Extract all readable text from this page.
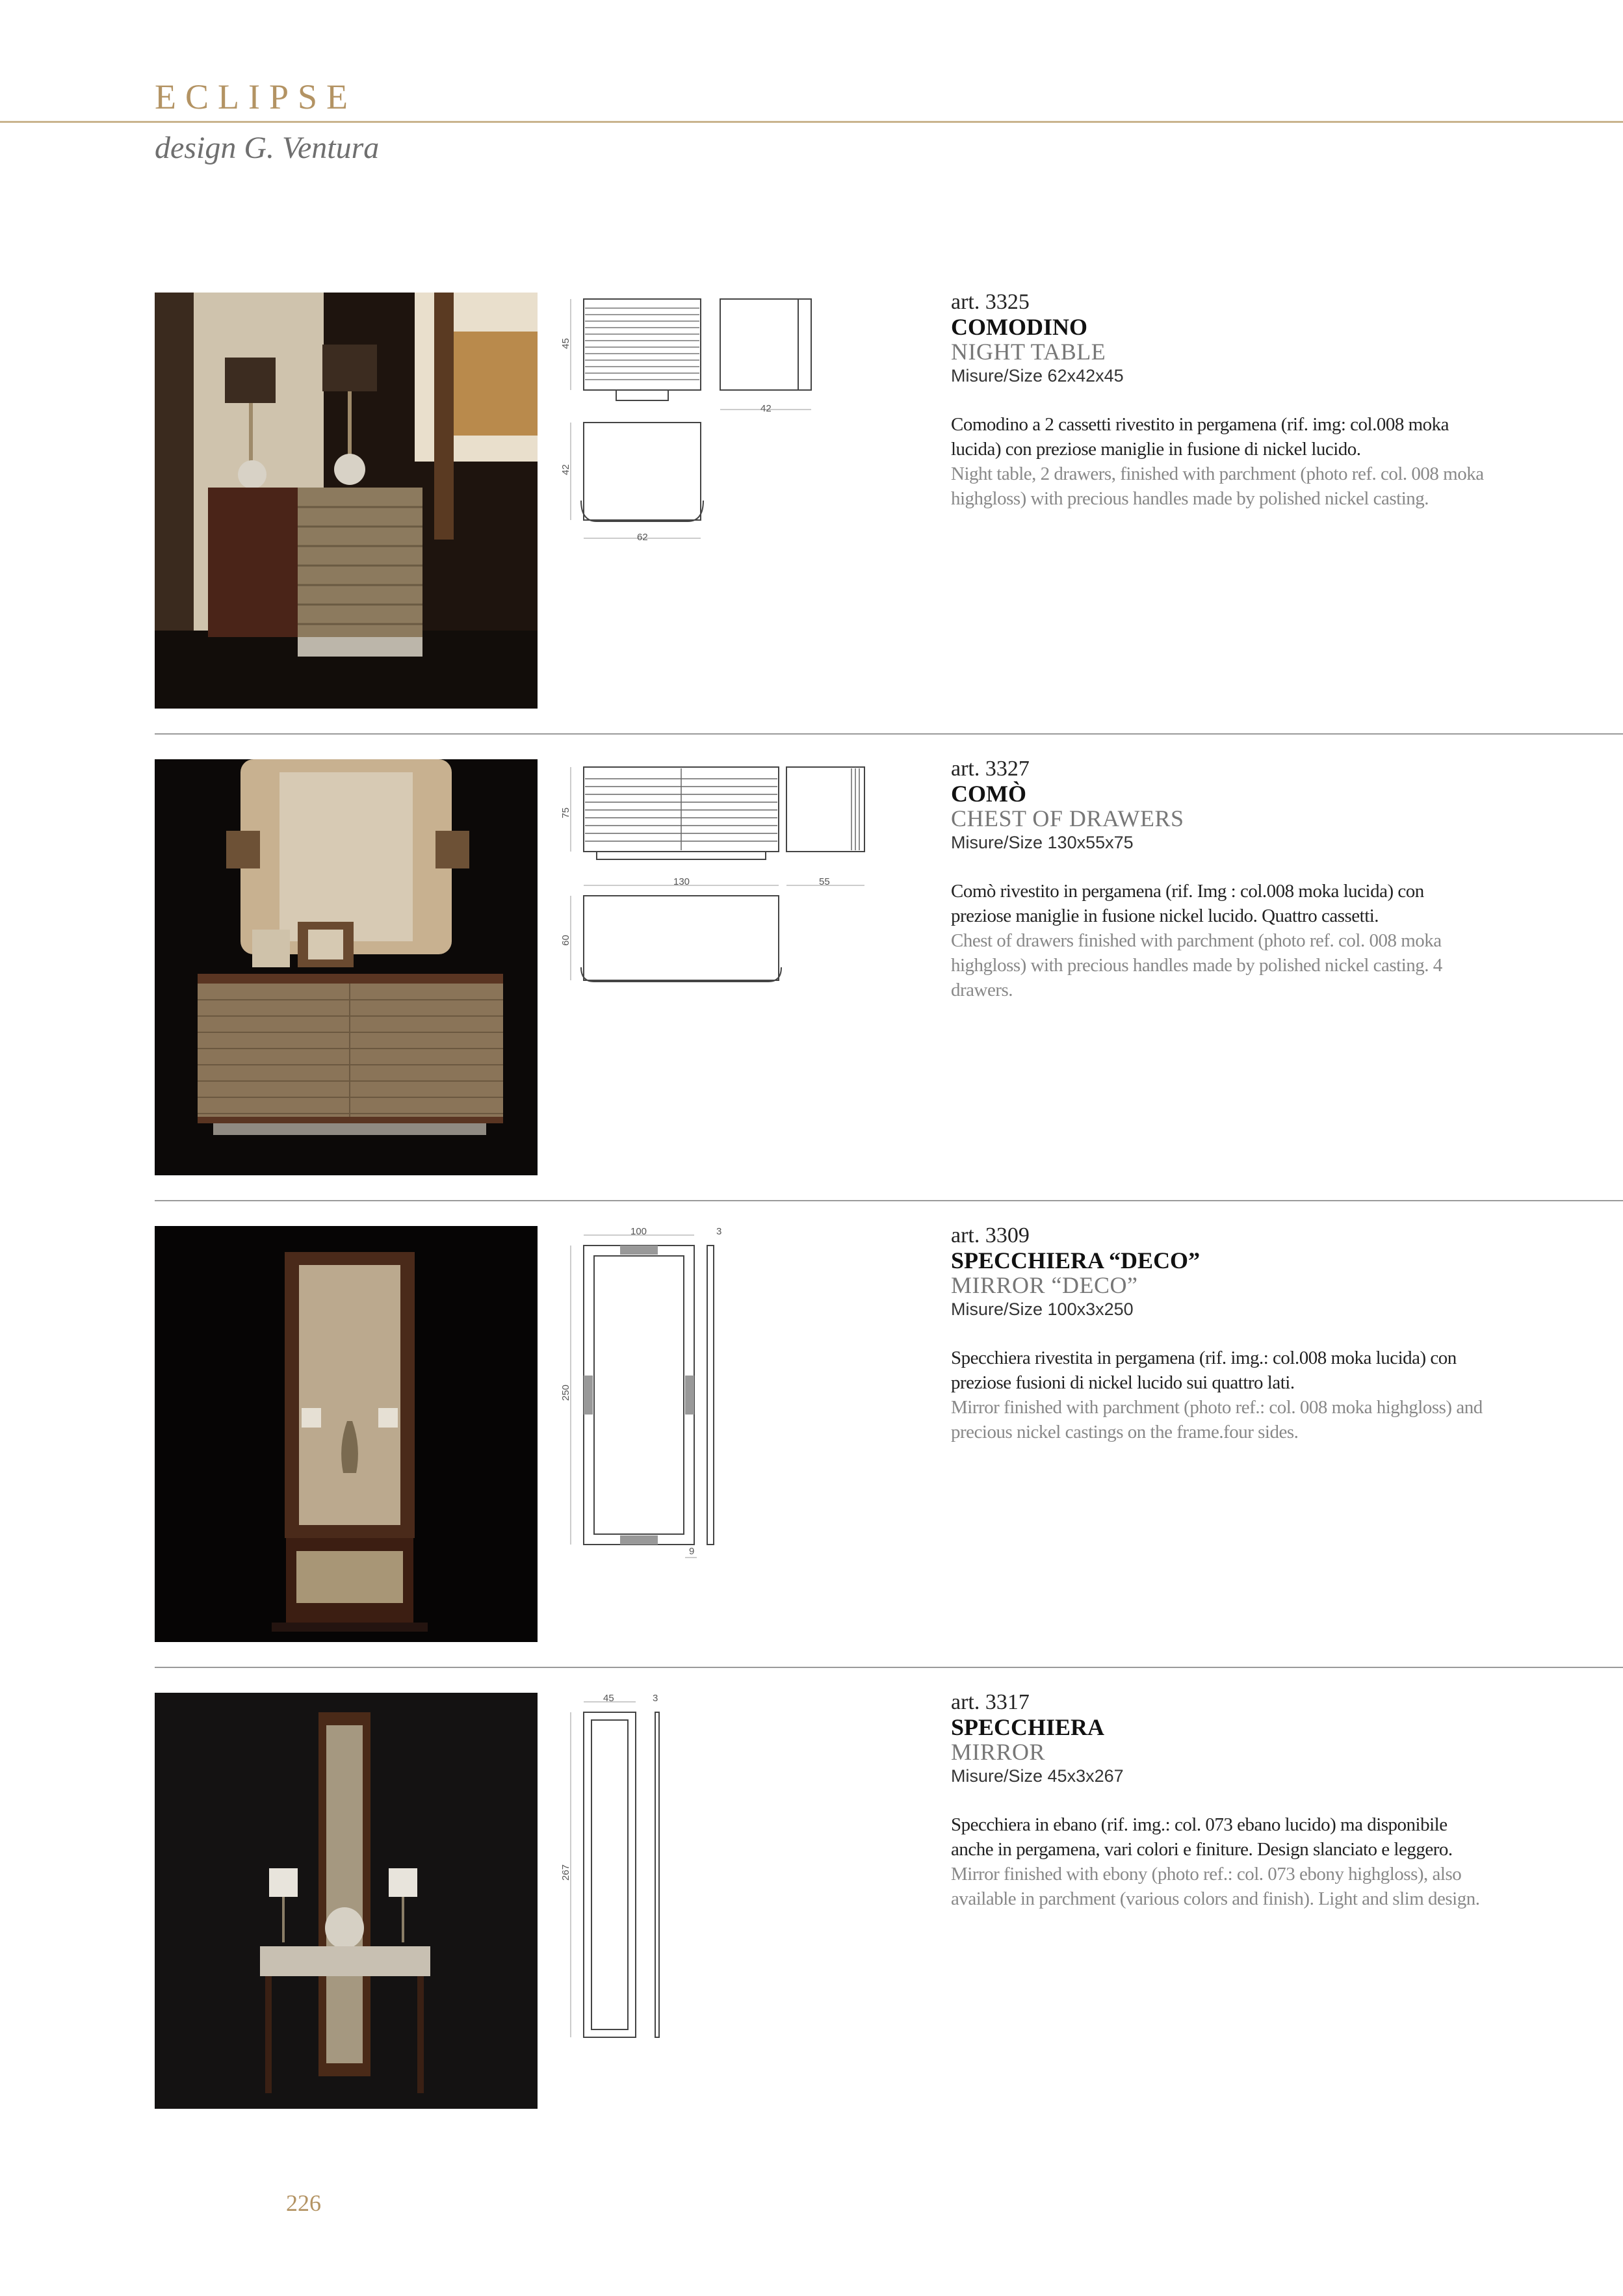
ECLIPSE
design G. Ventura
45
42
42
62
art. 3325
COMODINO
NIGHT TABLE
Misure/Size 62x42x45
Comodino a 2 cassetti rivestito in pergamena (rif. img: col.008 moka lucida) con preziose maniglie in fusione di nickel lucido.
Night table, 2 drawers, finished with parchment (photo ref. col. 008 moka highgloss) with precious handles made by polished nickel casting.
75
130	55
60
art. 3327
COMÒ
CHEST OF DRAWERS
Misure/Size 130x55x75
Comò rivestito in pergamena (rif. Img : col.008 moka lucida) con preziose maniglie in fusione nickel lucido. Quattro cassetti.
Chest of drawers finished with parchment (photo ref. col. 008 moka highgloss) with precious handles made by polished nickel casting. 4 drawers.
100	3
250
9
art. 3309
SPECCHIERA “DECO”
MIRROR “DECO”
Misure/Size 100x3x250
Specchiera rivestita in pergamena (rif. img.: col.008 moka lucida) con preziose fusioni di nickel lucido sui quattro lati.
Mirror finished with parchment (photo ref.: col. 008 moka highgloss) and precious nickel castings on the frame.four sides.
45	3
267
art. 3317
SPECCHIERA
MIRROR
Misure/Size 45x3x267
Specchiera in ebano (rif. img.: col. 073 ebano lucido) ma disponibile anche in pergamena, vari colori e finiture. Design slanciato e leggero.
Mirror finished with ebony (photo ref.: col. 073 ebony highgloss), also available in parchment (various colors and finish). Light and slim design.
226
